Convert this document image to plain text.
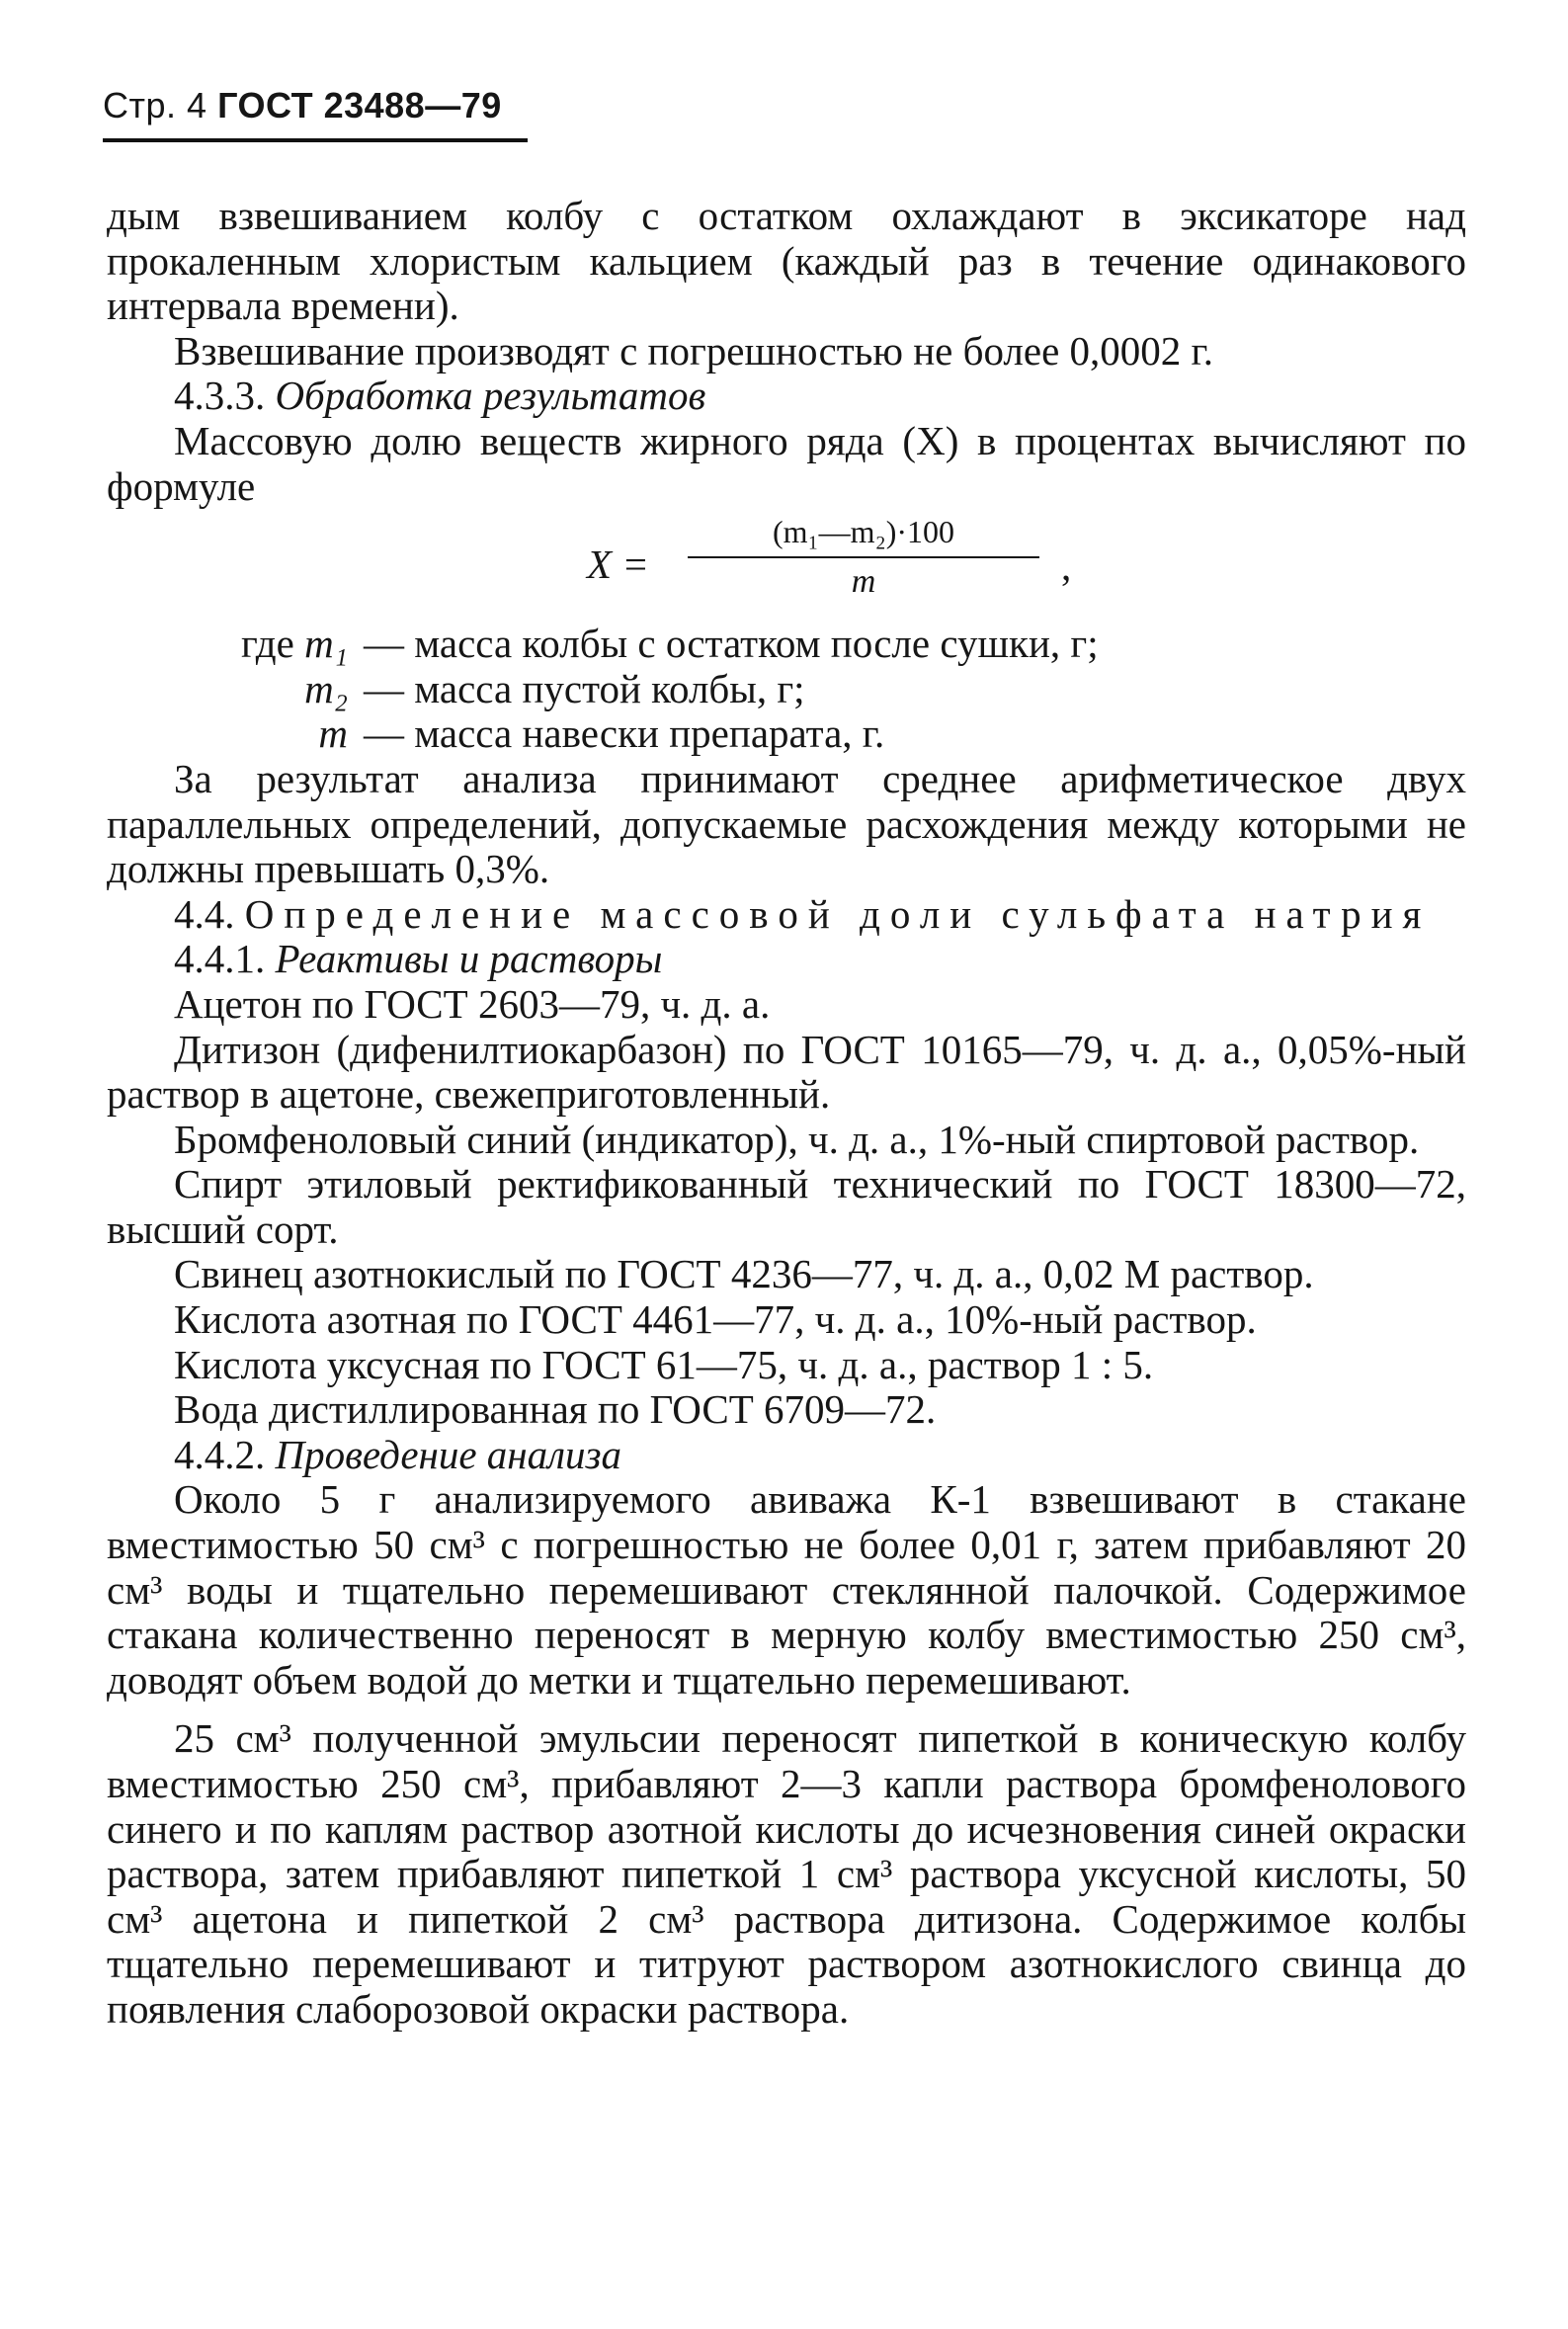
Стр. 4 ГОСТ 23488—79

дым взвешиванием колбу с остатком охлаждают в эксикаторе над прокаленным хлористым кальцием (каждый раз в течение одинакового интервала времени).

Взвешивание производят с погрешностью не более 0,0002 г.

4.3.3. Обработка результатов

Массовую долю веществ жирного ряда (X) в процентах вычисляют по формуле

X =
(m₁—m₂)·100
m	,
где m₁ — масса колбы с остатком после сушки, г;
m₂ — масса пустой колбы, г;
m — масса навески препарата, г.

За результат анализа принимают среднее арифметическое двух параллельных определений, допускаемые расхождения между которыми не должны превышать 0,3%.

4.4. Определение массовой доли сульфата натрия

4.4.1. Реактивы и растворы

Ацетон по ГОСТ 2603—79, ч. д. а.

Дитизон (дифенилтиокарбазон) по ГОСТ 10165—79, ч. д. а., 0,05%-ный раствор в ацетоне, свежеприготовленный.

Бромфеноловый синий (индикатор), ч. д. а., 1%-ный спиртовой раствор.

Спирт этиловый ректификованный технический по ГОСТ 18300—72, высший сорт.

Свинец азотнокислый по ГОСТ 4236—77, ч. д. а., 0,02 М раствор.

Кислота азотная по ГОСТ 4461—77, ч. д. а., 10%-ный раствор.

Кислота уксусная по ГОСТ 61—75, ч. д. а., раствор 1 : 5.

Вода дистиллированная по ГОСТ 6709—72.

4.4.2. Проведение анализа

Около 5 г анализируемого авиважа К-1 взвешивают в стакане вместимостью 50 см³ с погрешностью не более 0,01 г, затем прибавляют 20 см³ воды и тщательно перемешивают стеклянной палочкой. Содержимое стакана количественно переносят в мерную колбу вместимостью 250 см³, доводят объем водой до метки и тщательно перемешивают.

25 см³ полученной эмульсии переносят пипеткой в коническую колбу вместимостью 250 см³, прибавляют 2—3 капли раствора бромфенолового синего и по каплям раствор азотной кислоты до исчезновения синей окраски раствора, затем прибавляют пипеткой 1 см³ раствора уксусной кислоты, 50 см³ ацетона и пипеткой 2 см³ раствора дитизона. Содержимое колбы тщательно перемешивают и титруют раствором азотнокислого свинца до появления слаборозовой окраски раствора.
